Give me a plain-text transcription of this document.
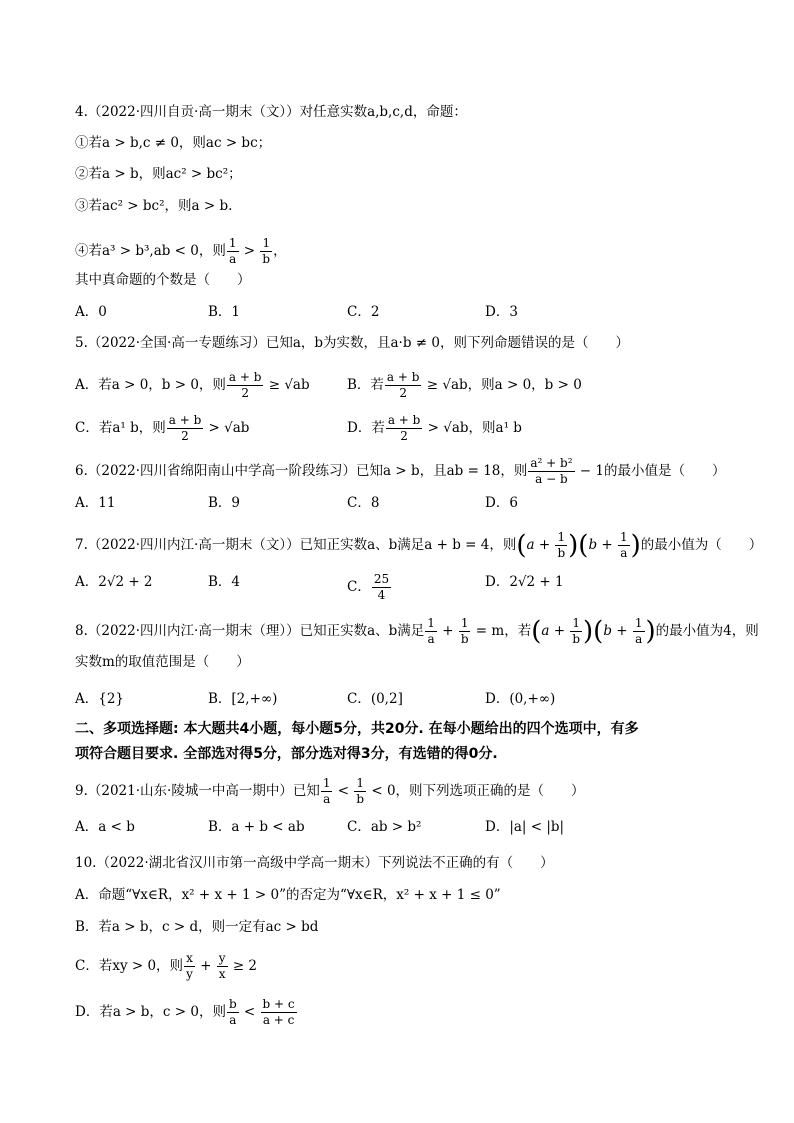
4.（2022·四川自贡·高一期末（文））对任意实数a,b,c,d，命题：
①若a > b,c ≠ 0，则ac > bc；
②若a > b，则ac² > bc²；
③若ac² > bc²，则a > b.
④若a³ > b³,ab < 0，则 $\frac{1}{a} > \frac{1}{b}$ ，
其中真命题的个数是（　　）
A．0	B．1	C．2	D．3
5.（2022·全国·高一专题练习）已知a，b为实数，且a·b ≠ 0，则下列命题错误的是（　　）
A．若a > 0，b > 0，则 $\frac{a + b}{2} \ge √ab$	B．若 $\frac{a + b}{2} \ge √ab$，则a > 0，b > 0
C．若a¹ b，则 $\frac{a + b}{2} > √ab$	D．若 $\frac{a + b}{2} > √ab$，则a¹ b
6.（2022·四川省绵阳南山中学高一阶段练习）已知a > b，且ab = 18，则 $\frac{\text{a² + b²}}{a - b} - 1$的最小值是（　　）
A．11	B．9	C．8	D．6
7.（2022·四川内江·高一期末（文））已知正实数a、b满足a + b = 4，则$(a + \frac{1}{b} )(b + \frac{1}{a}$ )的最小值为（　　）
A．2√2 + 2	B．4	C． $\frac{25}{4}$	D．2√2 + 1
8.（2022·四川内江·高一期末（理））已知正实数a、b满足 $\frac{1}{a} + \frac{1}{b} = m$，若$(a + \frac{1}{b} )(b + \frac{1}{a}$ )的最小值为4，则
实数m的取值范围是（　　）
A．{2}	B．[2,+∞)	C．(0,2]	D．(0,+∞)
二、多项选择题: 本大题共4小题，每小题5分，共20分. 在每小题给出的四个选项中，有多
项符合题目要求. 全部选对得5分，部分选对得3分，有选错的得0分.
9.（2021·山东·陵城一中高一期中）已知 $\frac{1}{a} < \frac{1}{b} < 0$，则下列选项正确的是（　　）
A．a < b	B．a + b < ab	C．ab > b²	D．|a| < |b|
10.（2022·湖北省汉川市第一高级中学高一期末）下列说法不正确的有（　　）
A．命题“∀x∈R，x² + x + 1 > 0”的否定为“∀x∈R，x² + x + 1 ≤ 0”
B．若a > b，c > d，则一定有ac > bd
C．若xy > 0，则 $\frac{x}{y} + \frac{y}{x} \ge 2$
D．若a > b，c > 0，则 $\frac{b}{a} < \frac{b + c}{a + c}$
